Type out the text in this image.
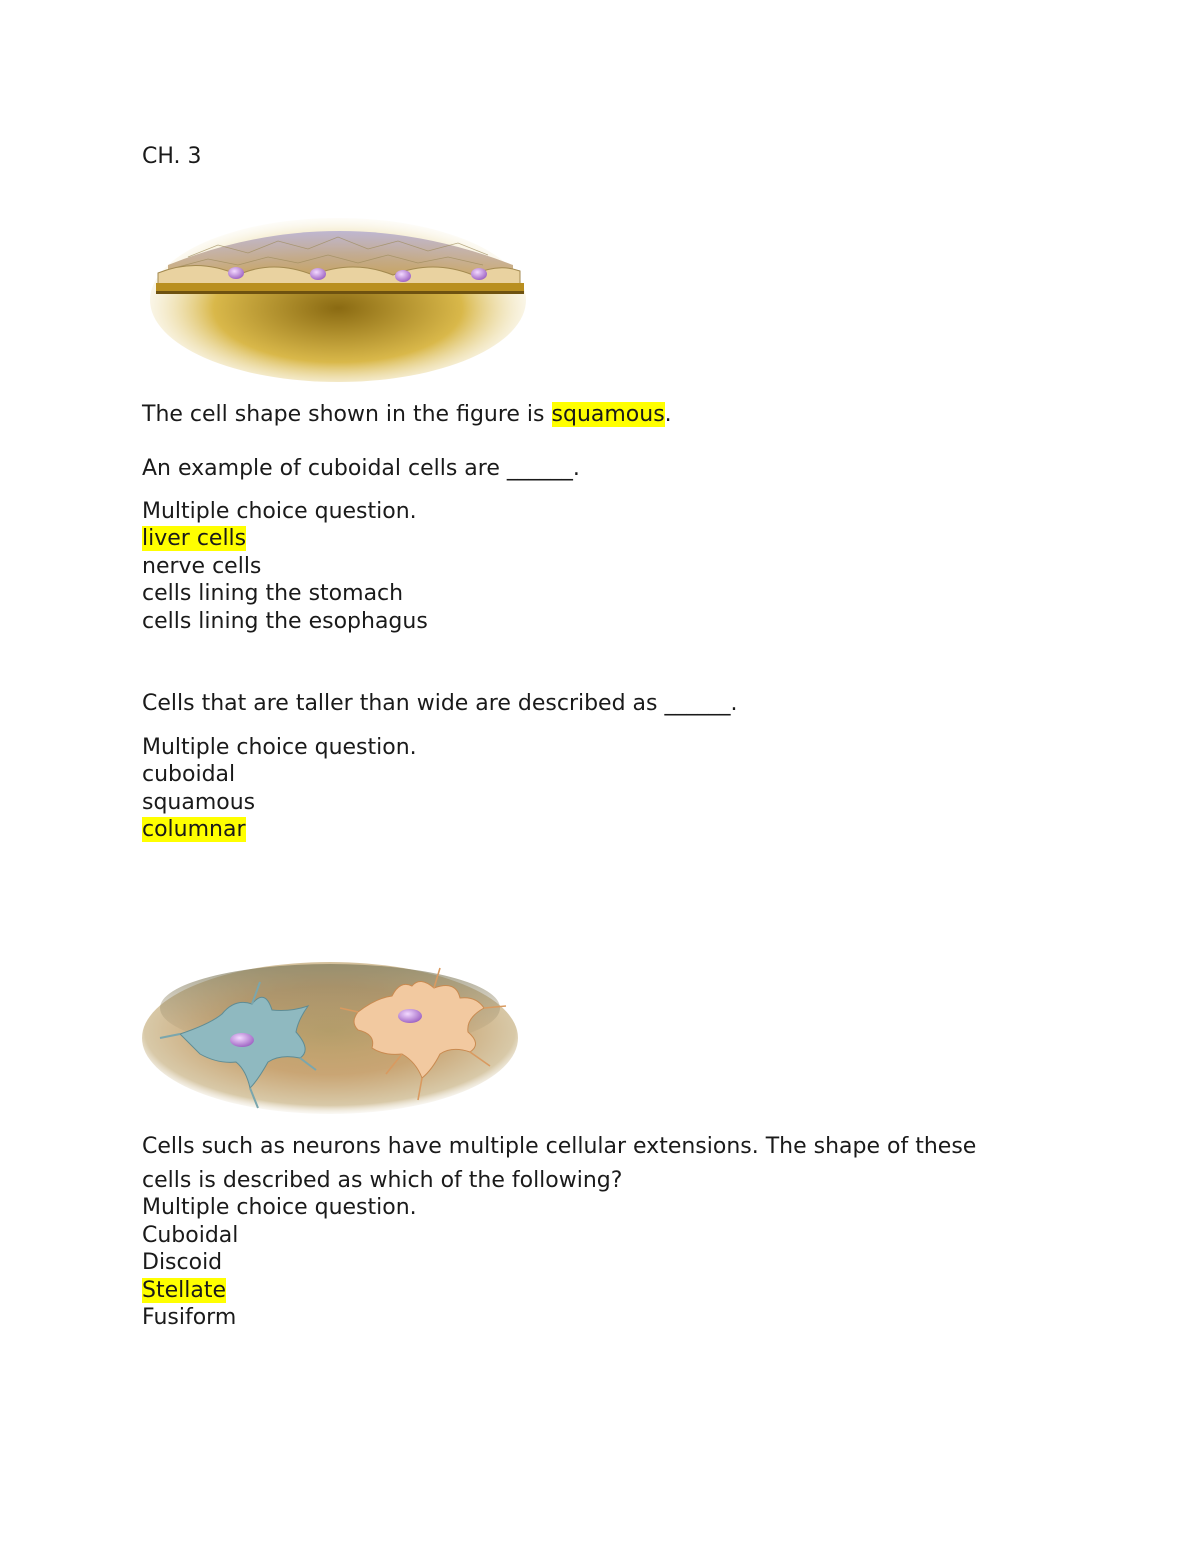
CH. 3
The cell shape shown in the figure is squamous.
An example of cuboidal cells are ______.
Multiple choice question.
liver cells
nerve cells
cells lining the stomach
cells lining the esophagus
Cells that are taller than wide are described as ______.
Multiple choice question.
cuboidal
squamous
columnar
Cells such as neurons have multiple cellular extensions. The shape of these
cells is described as which of the following?
Multiple choice question.
Cuboidal
Discoid
Stellate
Fusiform
